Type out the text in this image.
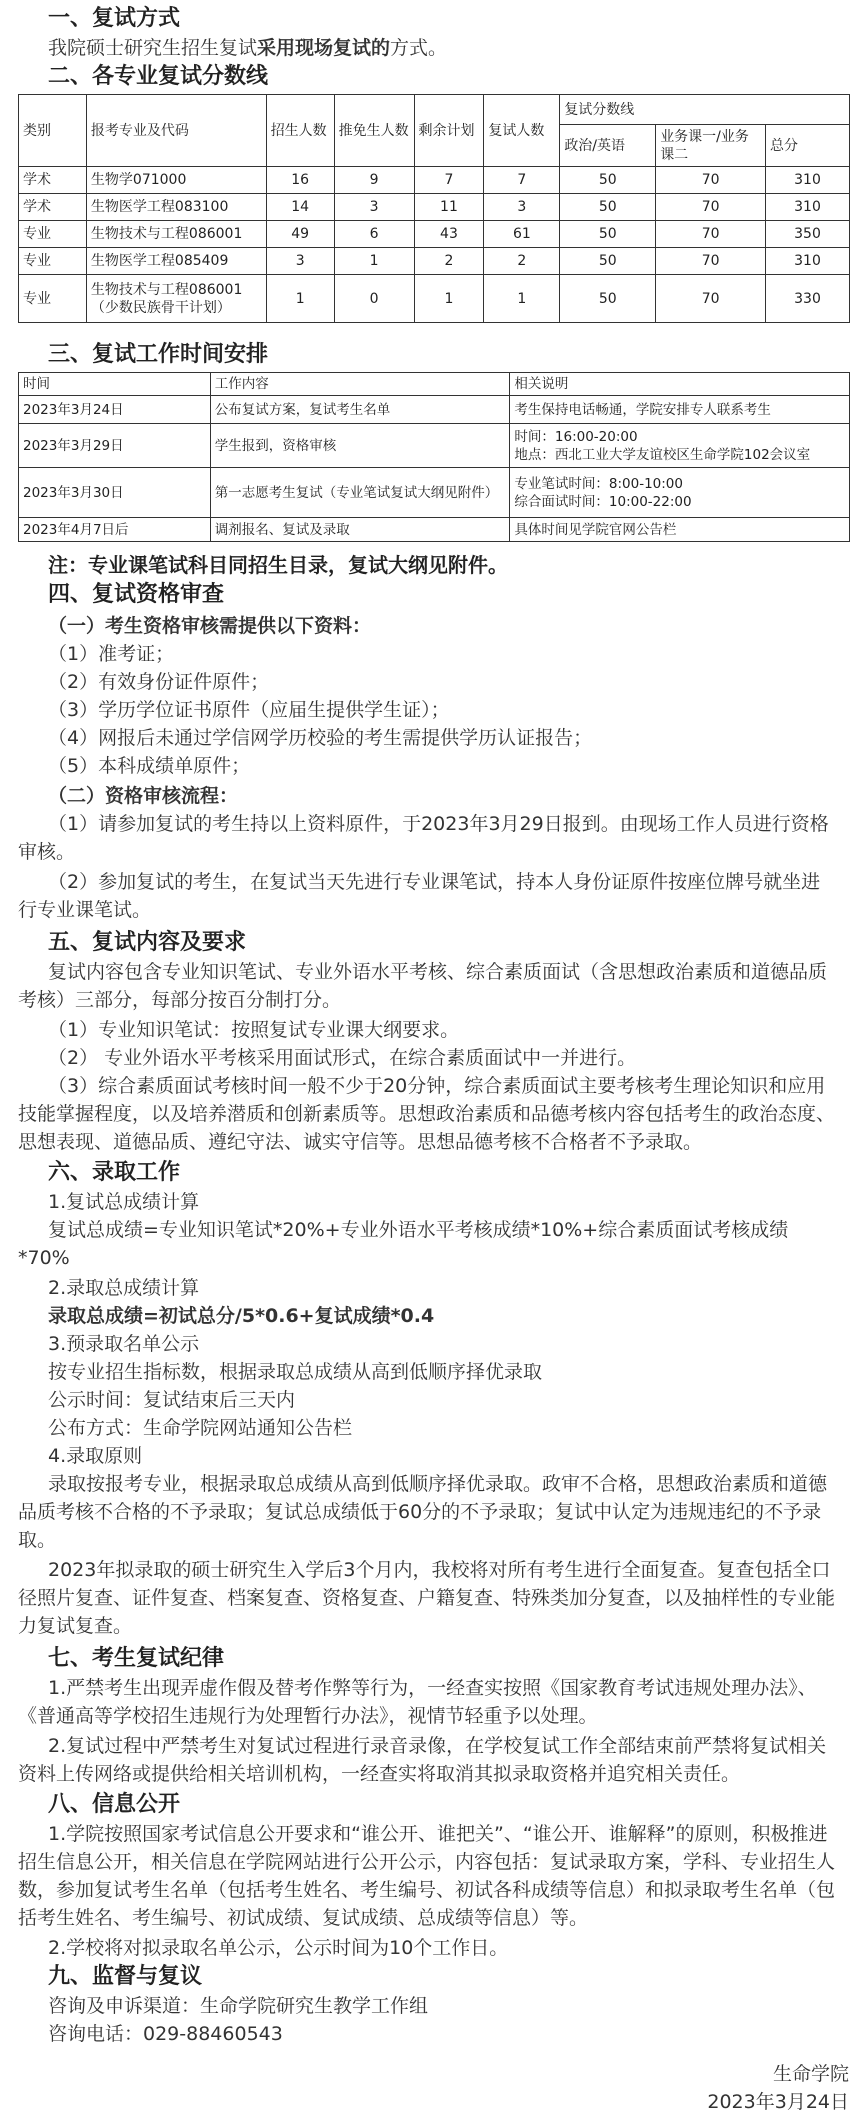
一、复试方式
我院硕士研究生招生复试采用现场复试的方式。
二、各专业复试分数线
类别	报考专业及代码	招生人数	推免生人数	剩余计划	复试人数	复试分数线		
						政治/英语	业务课一/业务课二	总分
学术	生物学071000	16	9	7	7	50	70	310
学术	生物医学工程083100	14	3	11	3	50	70	310
专业	生物技术与工程086001	49	6	43	61	50	70	350
专业	生物医学工程085409	3	1	2	2	50	70	310
专业	生物技术与工程086001
（少数民族骨干计划）	1	0	1	1	50	70	330
三、复试工作时间安排
时间	工作内容	相关说明
2023年3月24日	公布复试方案，复试考生名单	考生保持电话畅通，学院安排专人联系考生

2023年3月29日	学生报到，资格审核	时间：16:00-20:00
地点：西北工业大学友谊校区生命学院102会议室

2023年3月30日	第一志愿考生复试（专业笔试复试大纲见附件）	专业笔试时间：8:00-10:00
综合面试时间：10:00-22:00

2023年4月7日后	调剂报名、复试及录取	具体时间见学院官网公告栏
注：专业课笔试科目同招生目录，复试大纲见附件。
四、复试资格审查
（一）考生资格审核需提供以下资料：
（1）准考证；
（2）有效身份证件原件；
（3）学历学位证书原件（应届生提供学生证）；
（4）网报后未通过学信网学历校验的考生需提供学历认证报告；
（5）本科成绩单原件；
（二）资格审核流程：
（1）请参加复试的考生持以上资料原件，于2023年3月29日报到。由现场工作人员进行资格审核。
（2）参加复试的考生，在复试当天先进行专业课笔试，持本人身份证原件按座位牌号就坐进行专业课笔试。
五、复试内容及要求
复试内容包含专业知识笔试、专业外语水平考核、综合素质面试（含思想政治素质和道德品质考核）三部分，每部分按百分制打分。
（1）专业知识笔试：按照复试专业课大纲要求。
（2） 专业外语水平考核采用面试形式，在综合素质面试中一并进行。
（3）综合素质面试考核时间一般不少于20分钟，综合素质面试主要考核考生理论知识和应用技能掌握程度，以及培养潜质和创新素质等。思想政治素质和品德考核内容包括考生的政治态度、思想表现、道德品质、遵纪守法、诚实守信等。思想品德考核不合格者不予录取。
六、录取工作
1.复试总成绩计算
复试总成绩=专业知识笔试*20%+专业外语水平考核成绩*10%+综合素质面试考核成绩*70%
2.录取总成绩计算
录取总成绩=初试总分/5*0.6+复试成绩*0.4
3.预录取名单公示
按专业招生指标数，根据录取总成绩从高到低顺序择优录取
公示时间：复试结束后三天内
公布方式：生命学院网站通知公告栏
4.录取原则
录取按报考专业，根据录取总成绩从高到低顺序择优录取。政审不合格，思想政治素质和道德品质考核不合格的不予录取；复试总成绩低于60分的不予录取；复试中认定为违规违纪的不予录取。
2023年拟录取的硕士研究生入学后3个月内，我校将对所有考生进行全面复查。复查包括全口径照片复查、证件复查、档案复查、资格复查、户籍复查、特殊类加分复查，以及抽样性的专业能力复试复查。
七、考生复试纪律
1.严禁考生出现弄虚作假及替考作弊等行为，一经查实按照《国家教育考试违规处理办法》、《普通高等学校招生违规行为处理暂行办法》，视情节轻重予以处理。
2.复试过程中严禁考生对复试过程进行录音录像，在学校复试工作全部结束前严禁将复试相关资料上传网络或提供给相关培训机构，一经查实将取消其拟录取资格并追究相关责任。
八、信息公开
1.学院按照国家考试信息公开要求和“谁公开、谁把关”、“谁公开、谁解释”的原则，积极推进招生信息公开，相关信息在学院网站进行公开公示，内容包括：复试录取方案，学科、专业招生人数，参加复试考生名单（包括考生姓名、考生编号、初试各科成绩等信息）和拟录取考生名单（包括考生姓名、考生编号、初试成绩、复试成绩、总成绩等信息）等。
2.学校将对拟录取名单公示，公示时间为10个工作日。
九、监督与复议
咨询及申诉渠道：生命学院研究生教学工作组
咨询电话：029-88460543
生命学院
2023年3月24日
